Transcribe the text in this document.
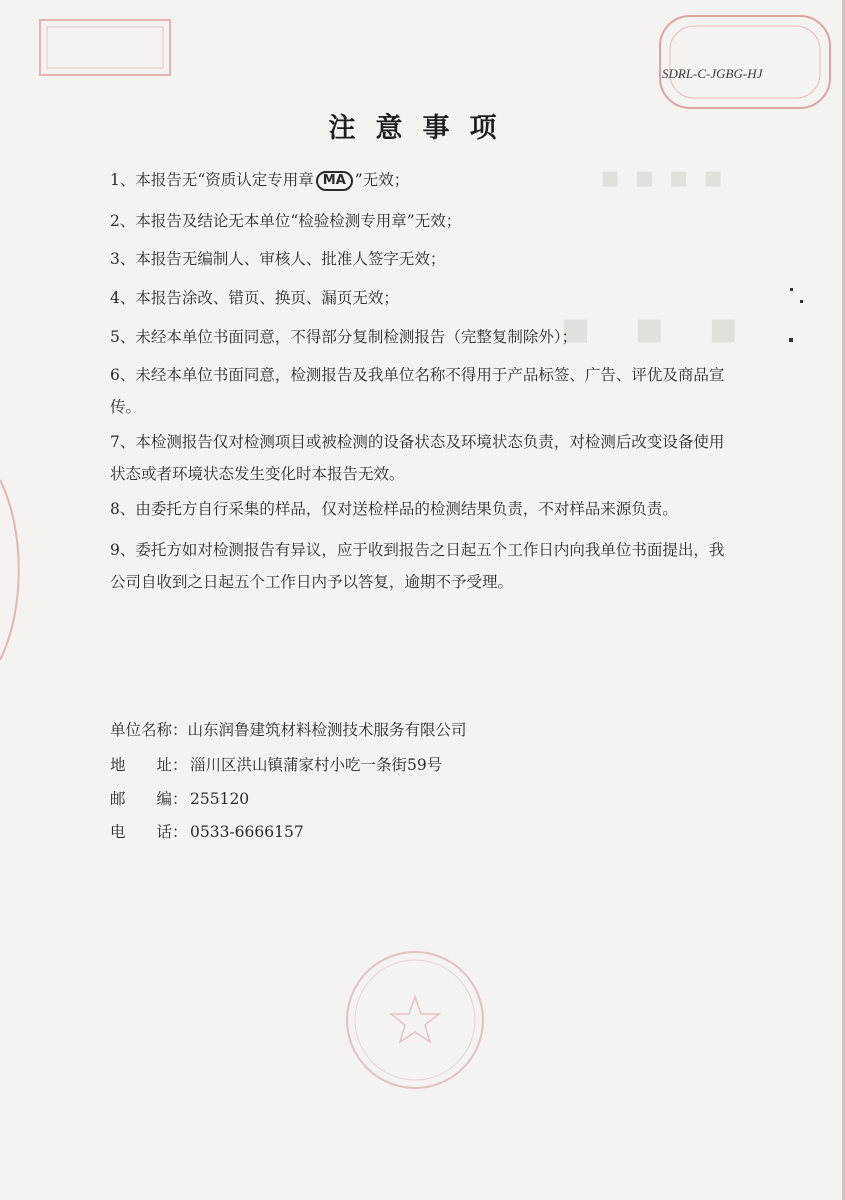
▪ ▪ ▪
▪▪▪▪
SDRL-C-JGBG-HJ
注意事项
1、本报告无“资质认定专用章 MA ”无效；
2、本报告及结论无本单位“检验检测专用章”无效；
3、本报告无编制人、审核人、批准人签字无效；
4、本报告涂改、错页、换页、漏页无效；
5、未经本单位书面同意，不得部分复制检测报告（完整复制除外）；
6、未经本单位书面同意，检测报告及我单位名称不得用于产品标签、广告、评优及商品宣传。
7、本检测报告仅对检测项目或被检测的设备状态及环境状态负责，对检测后改变设备使用状态或者环境状态发生变化时本报告无效。
8、由委托方自行采集的样品，仅对送检样品的检测结果负责，不对样品来源负责。
9、委托方如对检测报告有异议，应于收到报告之日起五个工作日内向我单位书面提出，我公司自收到之日起五个工作日内予以答复，逾期不予受理。
单位名称：山东润鲁建筑材料检测技术服务有限公司
地　　址： 淄川区洪山镇蒲家村小吃一条街59号
邮　　编： 255120
电　　话： 0533-6666157
